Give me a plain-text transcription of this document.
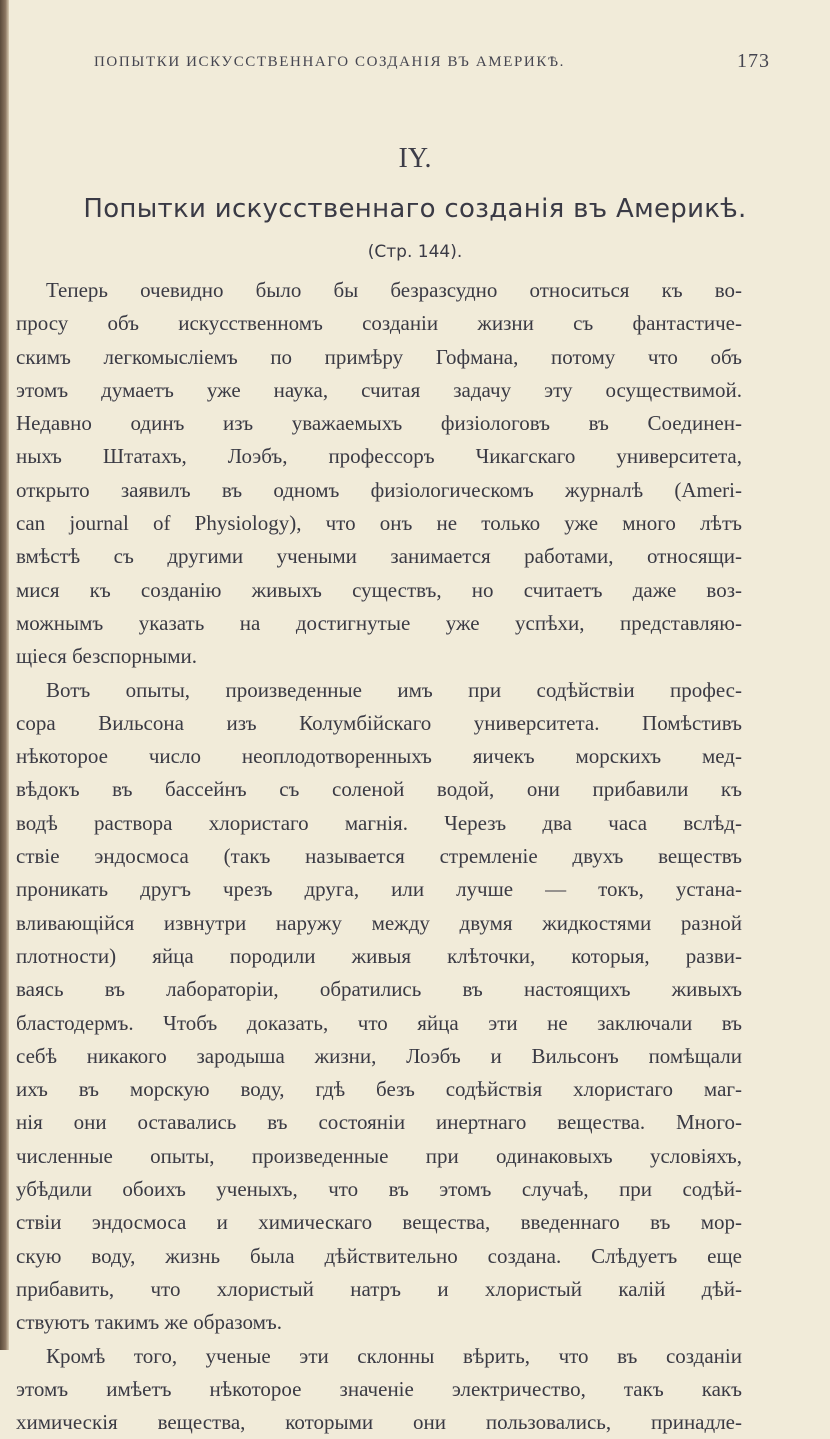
ПОПЫТКИ ИСКУССТВЕННАГО СОЗДАНІЯ ВЪ АМЕРИКѢ.	173
IY.
Попытки искусственнаго созданія въ Америкѣ.
(Стр. 144).
Теперь очевидно было бы безразсудно относиться къ во-
просу объ искусственномъ созданіи жизни съ фантастиче-
скимъ легкомысліемъ по примѣру Гофмана, потому что объ
этомъ думаетъ уже наука, считая задачу эту осуществимой.
Недавно одинъ изъ уважаемыхъ физіологовъ въ Соединен-
ныхъ Штатахъ, Лоэбъ, профессоръ Чикагскаго университета,
открыто заявилъ въ одномъ физіологическомъ журналѣ (Ameri-
can journal of Physiology), что онъ не только уже много лѣтъ
вмѣстѣ съ другими учеными занимается работами, относящи-
мися къ созданію живыхъ существъ, но считаетъ даже воз-
можнымъ указать на достигнутые уже успѣхи, представляю-
щіеся безспорными.
Вотъ опыты, произведенные имъ при содѣйствіи профес-
сора Вильсона изъ Колумбійскаго университета. Помѣстивъ
нѣкоторое число неоплодотворенныхъ яичекъ морскихъ мед-
вѣдокъ въ бассейнъ съ соленой водой, они прибавили къ
водѣ раствора хлористаго магнія. Черезъ два часа вслѣд-
ствіе эндосмоса (такъ называется стремленіе двухъ веществъ
проникать другъ чрезъ друга, или лучше — токъ, устана-
вливающійся извнутри наружу между двумя жидкостями разной
плотности) яйца породили живыя клѣточки, которыя, разви-
ваясь въ лабораторіи, обратились въ настоящихъ живыхъ
бластодермъ. Чтобъ доказать, что яйца эти не заключали въ
себѣ никакого зародыша жизни, Лоэбъ и Вильсонъ помѣщали
ихъ въ морскую воду, гдѣ безъ содѣйствія хлористаго маг-
нія они оставались въ состояніи инертнаго вещества. Много-
численные опыты, произведенные при одинаковыхъ условіяхъ,
убѣдили обоихъ ученыхъ, что въ этомъ случаѣ, при содѣй-
ствіи эндосмоса и химическаго вещества, введеннаго въ мор-
скую воду, жизнь была дѣйствительно создана. Слѣдуетъ еще
прибавить, что хлористый натръ и хлористый калій дѣй-
ствуютъ такимъ же образомъ.
Кромѣ того, ученые эти склонны вѣрить, что въ созданіи
этомъ имѣетъ нѣкоторое значеніе электричество, такъ какъ
химическія вещества, которыми они пользовались, принадле-
